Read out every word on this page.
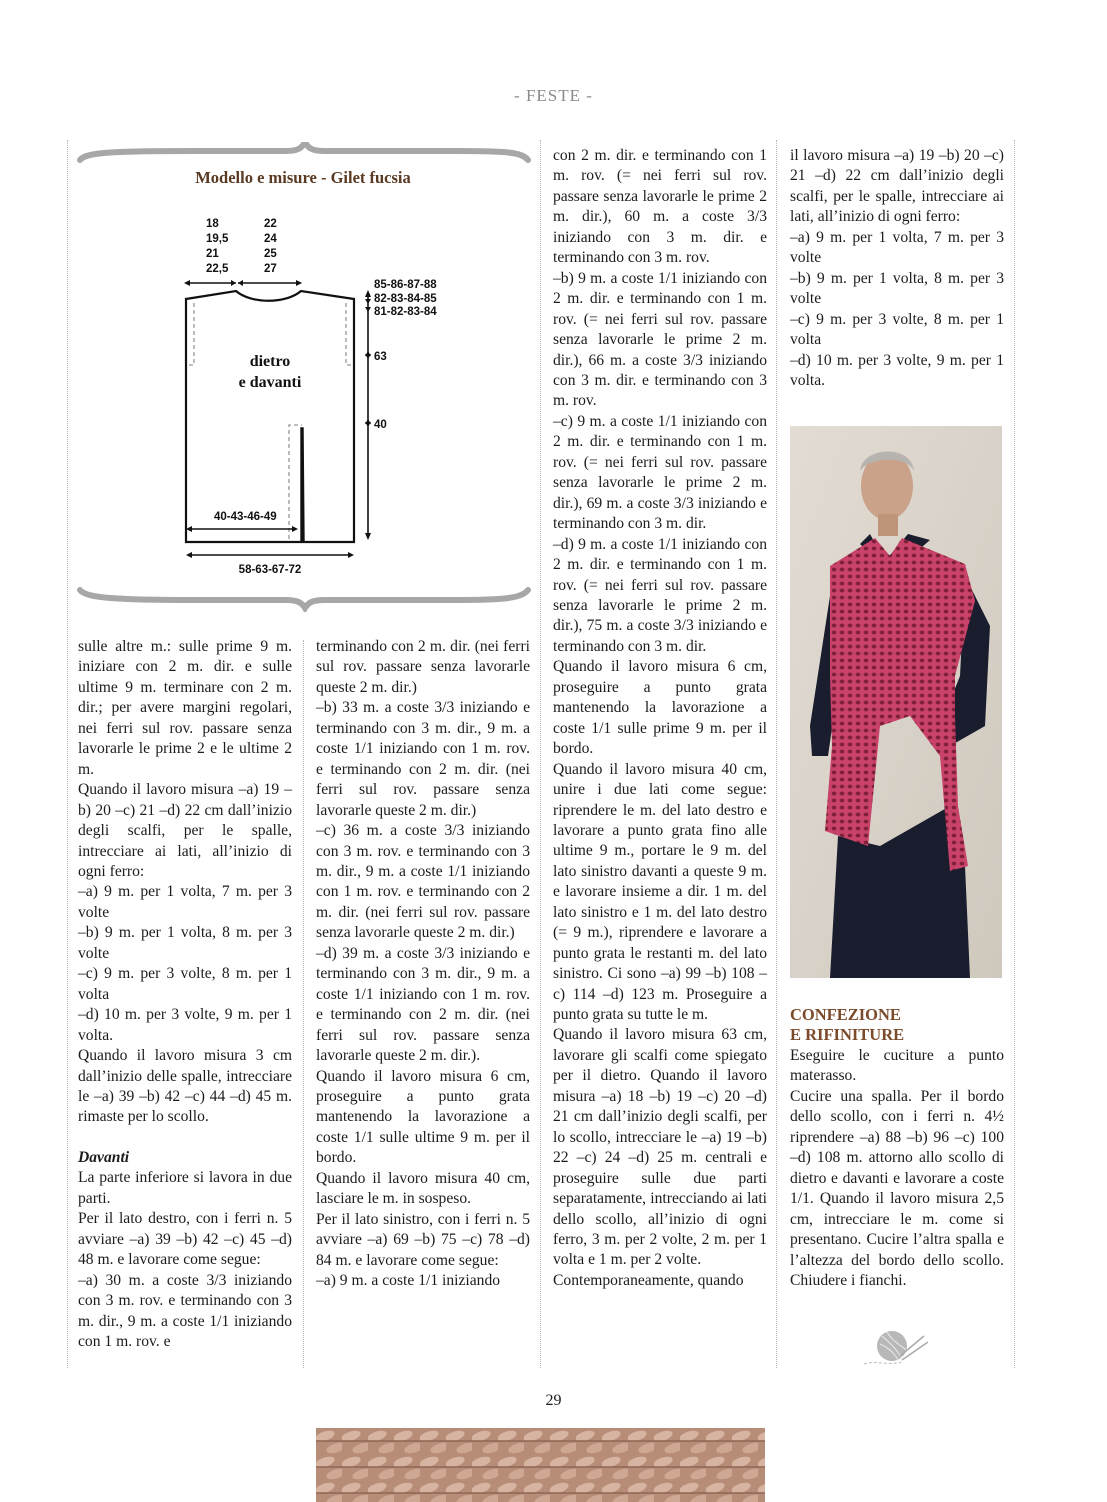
- FESTE -
Modello e misure - Gilet fucsia
18
19,5
21
22,5
22
24
25
27
dietro
e davanti
85-86-87-88
82-83-84-85
81-82-83-84
63
40
40-43-46-49
58-63-67-72

sulle altre m.: sulle prime 9 m. iniziare con 2 m. dir. e sulle ultime 9 m. terminare con 2 m. dir.; per avere margini regolari, nei ferri sul rov. passare senza lavorarle le prime 2 e le ultime 2 m.

Quando il lavoro misura –a) 19 –b) 20 –c) 21 –d) 22 cm dall’inizio degli scalfi, per le spalle, intrecciare ai lati, all’inizio di ogni ferro:

–a) 9 m. per 1 volta, 7 m. per 3 volte

–b) 9 m. per 1 volta, 8 m. per 3 volte

–c) 9 m. per 3 volte, 8 m. per 1 volta

–d) 10 m. per 3 volte, 9 m. per 1 volta.

Quando il lavoro misura 3 cm dall’inizio delle spalle, intrecciare le –a) 39 –b) 42 –c) 44 –d) 45 m. rimaste per lo scollo.

Davanti

La parte inferiore si lavora in due parti.

Per il lato destro, con i ferri n. 5 avviare –a) 39 –b) 42 –c) 45 –d) 48 m. e lavorare come segue:

–a) 30 m. a coste 3/3 iniziando con 3 m. rov. e terminando con 3 m. dir., 9 m. a coste 1/1 iniziando con 1 m. rov. e

terminando con 2 m. dir. (nei ferri sul rov. passare senza lavorarle queste 2 m. dir.)

–b) 33 m. a coste 3/3 iniziando e terminando con 3 m. dir., 9 m. a coste 1/1 iniziando con 1 m. rov. e terminando con 2 m. dir. (nei ferri sul rov. passare senza lavorarle queste 2 m. dir.)

–c) 36 m. a coste 3/3 iniziando con 3 m. rov. e terminando con 3 m. dir., 9 m. a coste 1/1 iniziando con 1 m. rov. e terminando con 2 m. dir. (nei ferri sul rov. passare senza lavorarle queste 2 m. dir.)

–d) 39 m. a coste 3/3 iniziando e terminando con 3 m. dir., 9 m. a coste 1/1 iniziando con 1 m. rov. e terminando con 2 m. dir. (nei ferri sul rov. passare senza lavorarle queste 2 m. dir.).

Quando il lavoro misura 6 cm, proseguire a punto grata mantenendo la lavorazione a coste 1/1 sulle ultime 9 m. per il bordo.

Quando il lavoro misura 40 cm, lasciare le m. in sospeso.

Per il lato sinistro, con i ferri n. 5 avviare –a) 69 –b) 75 –c) 78 –d) 84 m. e lavorare come segue:

–a) 9 m. a coste 1/1 iniziando

con 2 m. dir. e terminando con 1 m. rov. (= nei ferri sul rov. passare senza lavorarle le prime 2 m. dir.), 60 m. a coste 3/3 iniziando con 3 m. dir. e terminando con 3 m. rov.

–b) 9 m. a coste 1/1 iniziando con 2 m. dir. e terminando con 1 m. rov. (= nei ferri sul rov. passare senza lavorarle le prime 2 m. dir.), 66 m. a coste 3/3 iniziando con 3 m. dir. e terminando con 3 m. rov.

–c) 9 m. a coste 1/1 iniziando con 2 m. dir. e terminando con 1 m. rov. (= nei ferri sul rov. passare senza lavorarle le prime 2 m. dir.), 69 m. a coste 3/3 iniziando e terminando con 3 m. dir.

–d) 9 m. a coste 1/1 iniziando con 2 m. dir. e terminando con 1 m. rov. (= nei ferri sul rov. passare senza lavorarle le prime 2 m. dir.), 75 m. a coste 3/3 iniziando e terminando con 3 m. dir.

Quando il lavoro misura 6 cm, proseguire a punto grata mantenendo la lavorazione a coste 1/1 sulle prime 9 m. per il bordo.

Quando il lavoro misura 40 cm, unire i due lati come segue: riprendere le m. del lato destro e lavorare a punto grata fino alle ultime 9 m., portare le 9 m. del lato sinistro davanti a queste 9 m. e lavorare insieme a dir. 1 m. del lato sinistro e 1 m. del lato destro (= 9 m.), riprendere e lavorare a punto grata le restanti m. del lato sinistro. Ci sono –a) 99 –b) 108 –c) 114 –d) 123 m. Proseguire a punto grata su tutte le m.

Quando il lavoro misura 63 cm, lavorare gli scalfi come spiegato per il dietro. Quando il lavoro misura –a) 18 –b) 19 –c) 20 –d) 21 cm dall’inizio degli scalfi, per lo scollo, intrecciare le –a) 19 –b) 22 –c) 24 –d) 25 m. centrali e proseguire sulle due parti separatamente, intrecciando ai lati dello scollo, all’inizio di ogni ferro, 3 m. per 2 volte, 2 m. per 1 volta e 1 m. per 2 volte.

Contemporaneamente, quando

il lavoro misura –a) 19 –b) 20 –c) 21 –d) 22 cm dall’inizio degli scalfi, per le spalle, intrecciare ai lati, all’inizio di ogni ferro:

–a) 9 m. per 1 volta, 7 m. per 3 volte

–b) 9 m. per 1 volta, 8 m. per 3 volte

–c) 9 m. per 3 volte, 8 m. per 1 volta

–d) 10 m. per 3 volte, 9 m. per 1 volta.

CONFEZIONE
E RIFINITURE

Eseguire le cuciture a punto materasso.

Cucire una spalla. Per il bordo dello scollo, con i ferri n. 4½ riprendere –a) 88 –b) 96 –c) 100 –d) 108 m. attorno allo scollo di dietro e davanti e lavorare a coste 1/1. Quando il lavoro misura 2,5 cm, intrecciare le m. come si presentano. Cucire l’altra spalla e l’altezza del bordo dello scollo. Chiudere i fianchi.

29
